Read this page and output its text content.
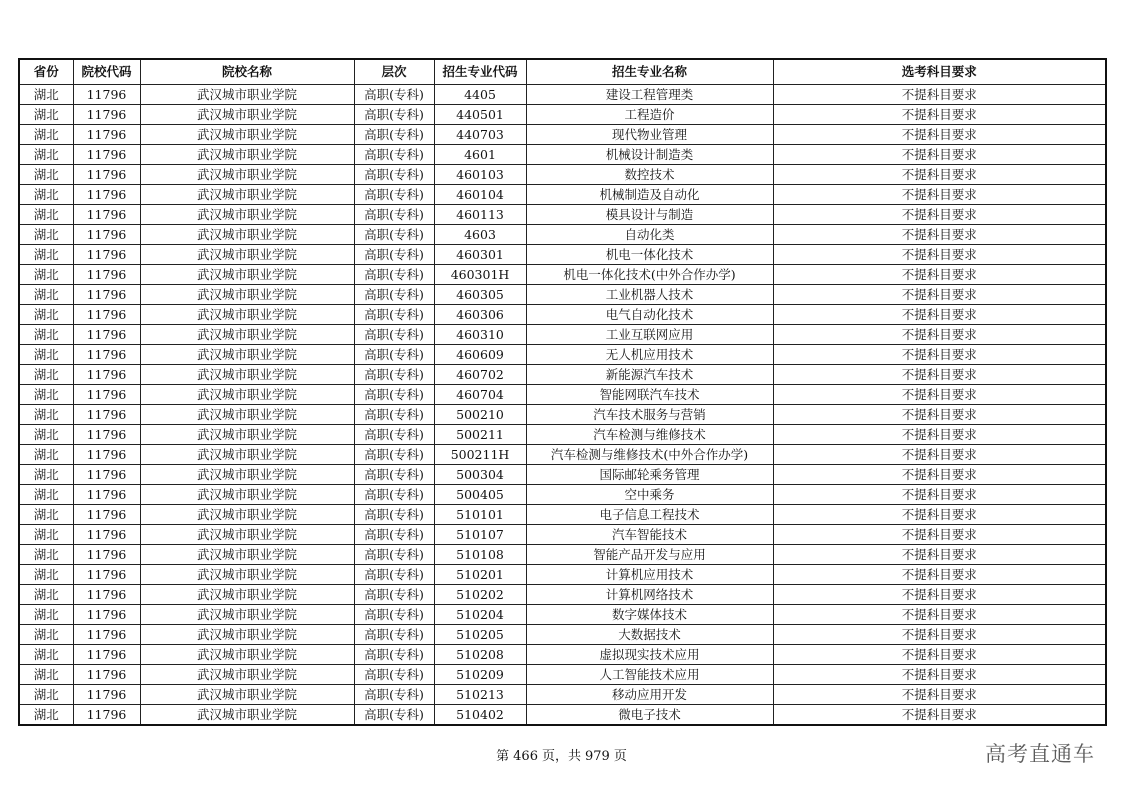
省份	院校代码	院校名称	层次	招生专业代码	招生专业名称	选考科目要求
湖北	11796	武汉城市职业学院	高职(专科)	4405	建设工程管理类	不提科目要求
湖北	11796	武汉城市职业学院	高职(专科)	440501	工程造价	不提科目要求
湖北	11796	武汉城市职业学院	高职(专科)	440703	现代物业管理	不提科目要求
湖北	11796	武汉城市职业学院	高职(专科)	4601	机械设计制造类	不提科目要求
湖北	11796	武汉城市职业学院	高职(专科)	460103	数控技术	不提科目要求
湖北	11796	武汉城市职业学院	高职(专科)	460104	机械制造及自动化	不提科目要求
湖北	11796	武汉城市职业学院	高职(专科)	460113	模具设计与制造	不提科目要求
湖北	11796	武汉城市职业学院	高职(专科)	4603	自动化类	不提科目要求
湖北	11796	武汉城市职业学院	高职(专科)	460301	机电一体化技术	不提科目要求
湖北	11796	武汉城市职业学院	高职(专科)	460301H	机电一体化技术(中外合作办学)	不提科目要求
湖北	11796	武汉城市职业学院	高职(专科)	460305	工业机器人技术	不提科目要求
湖北	11796	武汉城市职业学院	高职(专科)	460306	电气自动化技术	不提科目要求
湖北	11796	武汉城市职业学院	高职(专科)	460310	工业互联网应用	不提科目要求
湖北	11796	武汉城市职业学院	高职(专科)	460609	无人机应用技术	不提科目要求
湖北	11796	武汉城市职业学院	高职(专科)	460702	新能源汽车技术	不提科目要求
湖北	11796	武汉城市职业学院	高职(专科)	460704	智能网联汽车技术	不提科目要求
湖北	11796	武汉城市职业学院	高职(专科)	500210	汽车技术服务与营销	不提科目要求
湖北	11796	武汉城市职业学院	高职(专科)	500211	汽车检测与维修技术	不提科目要求
湖北	11796	武汉城市职业学院	高职(专科)	500211H	汽车检测与维修技术(中外合作办学)	不提科目要求
湖北	11796	武汉城市职业学院	高职(专科)	500304	国际邮轮乘务管理	不提科目要求
湖北	11796	武汉城市职业学院	高职(专科)	500405	空中乘务	不提科目要求
湖北	11796	武汉城市职业学院	高职(专科)	510101	电子信息工程技术	不提科目要求
湖北	11796	武汉城市职业学院	高职(专科)	510107	汽车智能技术	不提科目要求
湖北	11796	武汉城市职业学院	高职(专科)	510108	智能产品开发与应用	不提科目要求
湖北	11796	武汉城市职业学院	高职(专科)	510201	计算机应用技术	不提科目要求
湖北	11796	武汉城市职业学院	高职(专科)	510202	计算机网络技术	不提科目要求
湖北	11796	武汉城市职业学院	高职(专科)	510204	数字媒体技术	不提科目要求
湖北	11796	武汉城市职业学院	高职(专科)	510205	大数据技术	不提科目要求
湖北	11796	武汉城市职业学院	高职(专科)	510208	虚拟现实技术应用	不提科目要求
湖北	11796	武汉城市职业学院	高职(专科)	510209	人工智能技术应用	不提科目要求
湖北	11796	武汉城市职业学院	高职(专科)	510213	移动应用开发	不提科目要求
湖北	11796	武汉城市职业学院	高职(专科)	510402	微电子技术	不提科目要求
第 466 页，共 979 页	高考直通车
